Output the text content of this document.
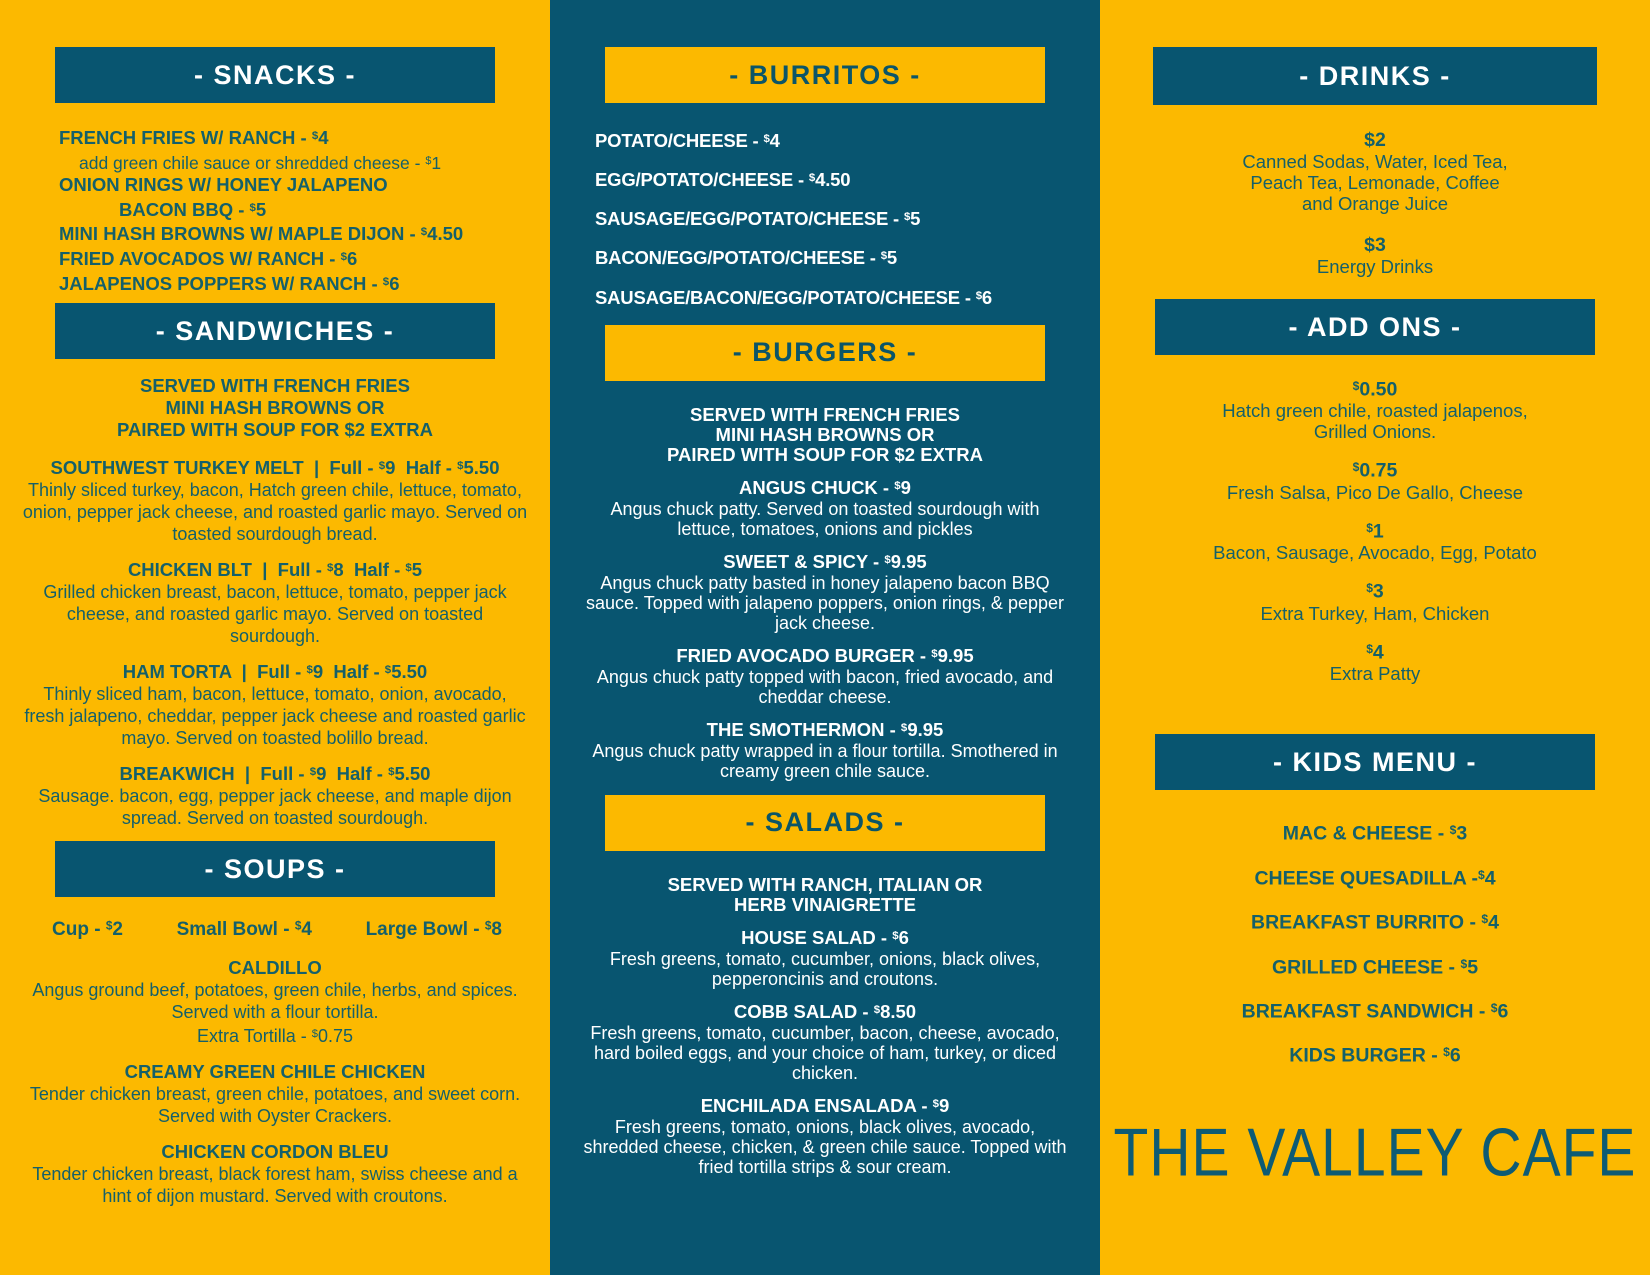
- SNACKS -
FRENCH FRIES W/ RANCH - $4
add green chile sauce or shredded cheese - $1
ONION RINGS W/ HONEY JALAPENO
BACON BBQ - $5
MINI HASH BROWNS W/ MAPLE DIJON - $4.50
FRIED AVOCADOS W/ RANCH - $6
JALAPENOS POPPERS W/ RANCH - $6
- SANDWICHES -
SERVED WITH FRENCH FRIES
MINI HASH BROWNS OR
PAIRED WITH SOUP FOR $2 EXTRA
SOUTHWEST TURKEY MELT  |  Full - $9  Half - $5.50
Thinly sliced turkey, bacon, Hatch green chile, lettuce, tomato, onion, pepper jack cheese, and roasted garlic mayo. Served on toasted sourdough bread.
CHICKEN BLT  |  Full - $8  Half - $5
Grilled chicken breast, bacon, lettuce, tomato, pepper jack cheese, and roasted garlic mayo. Served on toasted sourdough.
HAM TORTA  |  Full - $9  Half - $5.50
Thinly sliced ham, bacon, lettuce, tomato, onion, avocado, fresh jalapeno, cheddar, pepper jack cheese and roasted garlic mayo. Served on toasted bolillo bread.
BREAKWICH  |  Full - $9  Half - $5.50
Sausage. bacon, egg, pepper jack cheese, and maple dijon spread. Served on toasted sourdough.
- SOUPS -
Cup - $2	Small Bowl - $4	Large Bowl - $8
CALDILLO
Angus ground beef, potatoes, green chile, herbs, and spices. Served with a flour tortilla.
Extra Tortilla - $0.75
CREAMY GREEN CHILE CHICKEN
Tender chicken breast, green chile, potatoes, and sweet corn. Served with Oyster Crackers.
CHICKEN CORDON BLEU
Tender chicken breast, black forest ham, swiss cheese and a hint of dijon mustard. Served with croutons.
- BURRITOS -
POTATO/CHEESE - $4
EGG/POTATO/CHEESE - $4.50
SAUSAGE/EGG/POTATO/CHEESE - $5
BACON/EGG/POTATO/CHEESE - $5
SAUSAGE/BACON/EGG/POTATO/CHEESE - $6
- BURGERS -
SERVED WITH FRENCH FRIES
MINI HASH BROWNS OR
PAIRED WITH SOUP FOR $2 EXTRA
ANGUS CHUCK - $9
Angus chuck patty. Served on toasted sourdough with lettuce, tomatoes, onions and pickles
SWEET & SPICY - $9.95
Angus chuck patty basted in honey jalapeno bacon BBQ sauce. Topped with jalapeno poppers, onion rings, & pepper jack cheese.
FRIED AVOCADO BURGER - $9.95
Angus chuck patty topped with bacon, fried avocado, and cheddar cheese.
THE SMOTHERMON - $9.95
Angus chuck patty wrapped in a flour tortilla. Smothered in creamy green chile sauce.
- SALADS -
SERVED WITH RANCH, ITALIAN OR
HERB VINAIGRETTE
HOUSE SALAD - $6
Fresh greens, tomato, cucumber, onions, black olives, pepperoncinis and croutons.
COBB SALAD - $8.50
Fresh greens, tomato, cucumber, bacon, cheese, avocado, hard boiled eggs, and your choice of ham, turkey, or diced chicken.
ENCHILADA ENSALADA - $9
Fresh greens, tomato, onions, black olives, avocado, shredded cheese, chicken, & green chile sauce. Topped with fried tortilla strips & sour cream.
- DRINKS -
$2
Canned Sodas, Water, Iced Tea,
Peach Tea, Lemonade, Coffee
and Orange Juice
$3
Energy Drinks
- ADD ONS -
$0.50
Hatch green chile, roasted jalapenos,
Grilled Onions.
$0.75
Fresh Salsa, Pico De Gallo, Cheese
$1
Bacon, Sausage, Avocado, Egg, Potato
$3
Extra Turkey, Ham, Chicken
$4
Extra Patty
- KIDS MENU -
MAC & CHEESE - $3
CHEESE QUESADILLA -$4
BREAKFAST BURRITO - $4
GRILLED CHEESE - $5
BREAKFAST SANDWICH - $6
KIDS BURGER - $6
THE VALLEY CAFE
